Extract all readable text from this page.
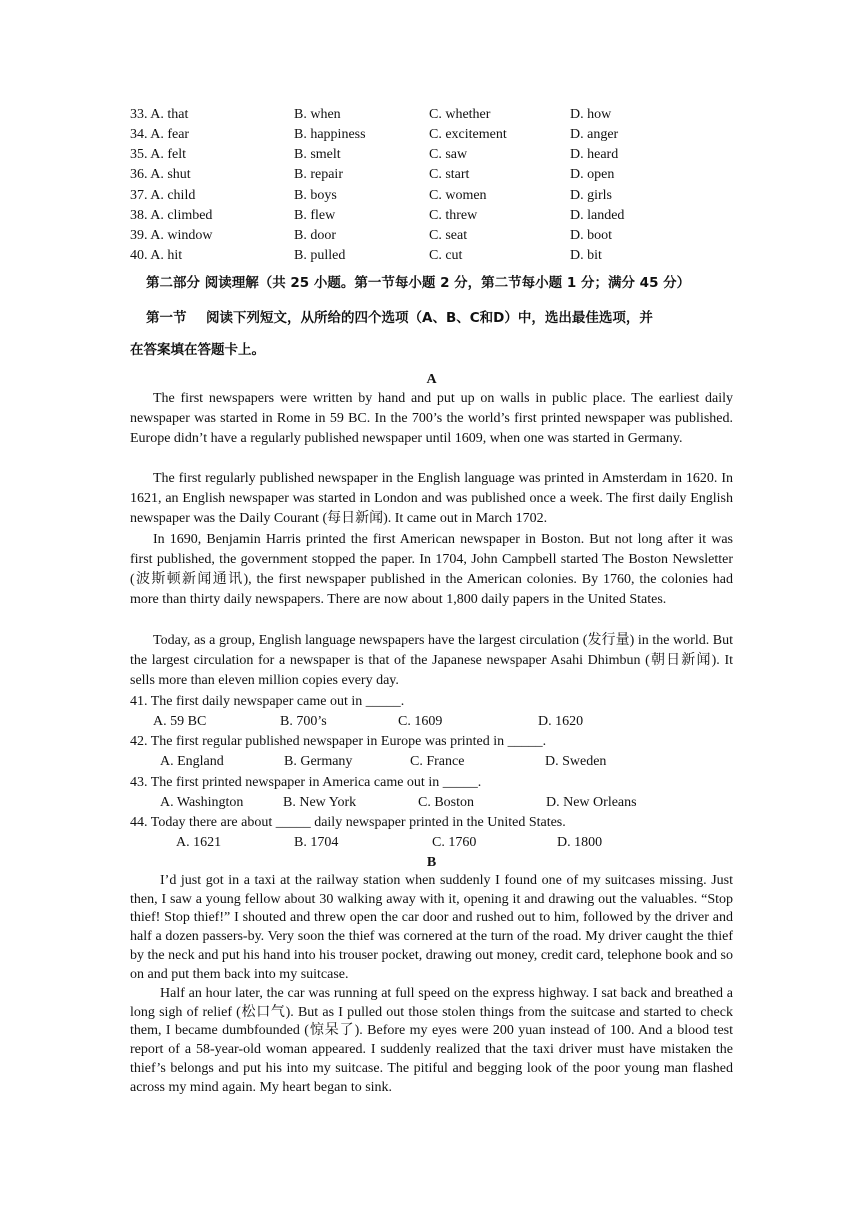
33. A. that	B. when	C. whether	D. how
34. A. fear	B. happiness	C. excitement	D. anger
35. A. felt	B. smelt	C. saw	D. heard
36. A. shut	B. repair	C. start	D. open
37. A. child	B. boys	C. women	D. girls
38. A. climbed	B. flew	C. threw	D. landed
39. A. window	B. door	C. seat	D. boot
40. A. hit	B. pulled	C. cut	D. bit
第二部分 阅读理解（共 25 小题。第一节每小题 2 分，第二节每小题 1 分；满分 45 分）
第一节 阅读下列短文，从所给的四个选项（A、B、C和D）中，选出最佳选项，并
在答案填在答题卡上。
A

The first newspapers were written by hand and put up on walls in public place. The earliest daily newspaper was started in Rome in 59 BC. In the 700’s the world’s first printed newspaper was published. Europe didn’t have a regularly published newspaper until 1609, when one was started in Germany.

The first regularly published newspaper in the English language was printed in Amsterdam in 1620. In 1621, an English newspaper was started in London and was published once a week. The first daily English newspaper was the Daily Courant (每日新闻). It came out in March 1702.

In 1690, Benjamin Harris printed the first American newspaper in Boston. But not long after it was first published, the government stopped the paper. In 1704, John Campbell started The Boston Newsletter (波斯顿新闻通讯), the first newspaper published in the American colonies. By 1760, the colonies had more than thirty daily newspapers. There are now about 1,800 daily papers in the United States.

Today, as a group, English language newspapers have the largest circulation (发行量) in the world. But the largest circulation for a newspaper is that of the Japanese newspaper Asahi Dhimbun (朝日新闻). It sells more than eleven million copies every day.

41. The first daily newspaper came out in _____.
A. 59 BC	B. 700’s	C. 1609	D. 1620
42. The first regular published newspaper in Europe was printed in _____.
A. England	B. Germany	C. France	D. Sweden
43. The first printed newspaper in America came out in _____.
A. Washington	B. New York	C. Boston	D. New Orleans
44. Today there are about _____ daily newspaper printed in the United States.
A. 1621	B. 1704	C. 1760	D. 1800
B

I’d just got in a taxi at the railway station when suddenly I found one of my suitcases missing. Just then, I saw a young fellow about 30 walking away with it, opening it and drawing out the valuables. “Stop thief! Stop thief!” I shouted and threw open the car door and rushed out to him, followed by the driver and half a dozen passers-by. Very soon the thief was cornered at the turn of the road. My driver caught the thief by the neck and put his hand into his trouser pocket, drawing out money, credit card, telephone book and so on and put them back into my suitcase.

Half an hour later, the car was running at full speed on the express highway. I sat back and breathed a long sigh of relief (松口气). But as I pulled out those stolen things from the suitcase and started to check them, I became dumbfounded (惊呆了). Before my eyes were 200 yuan instead of 100. And a blood test report of a 58-year-old woman appeared. I suddenly realized that the taxi driver must have mistaken the thief’s belongs and put his into my suitcase. The pitiful and begging look of the poor young man flashed across my mind again. My heart began to sink.
